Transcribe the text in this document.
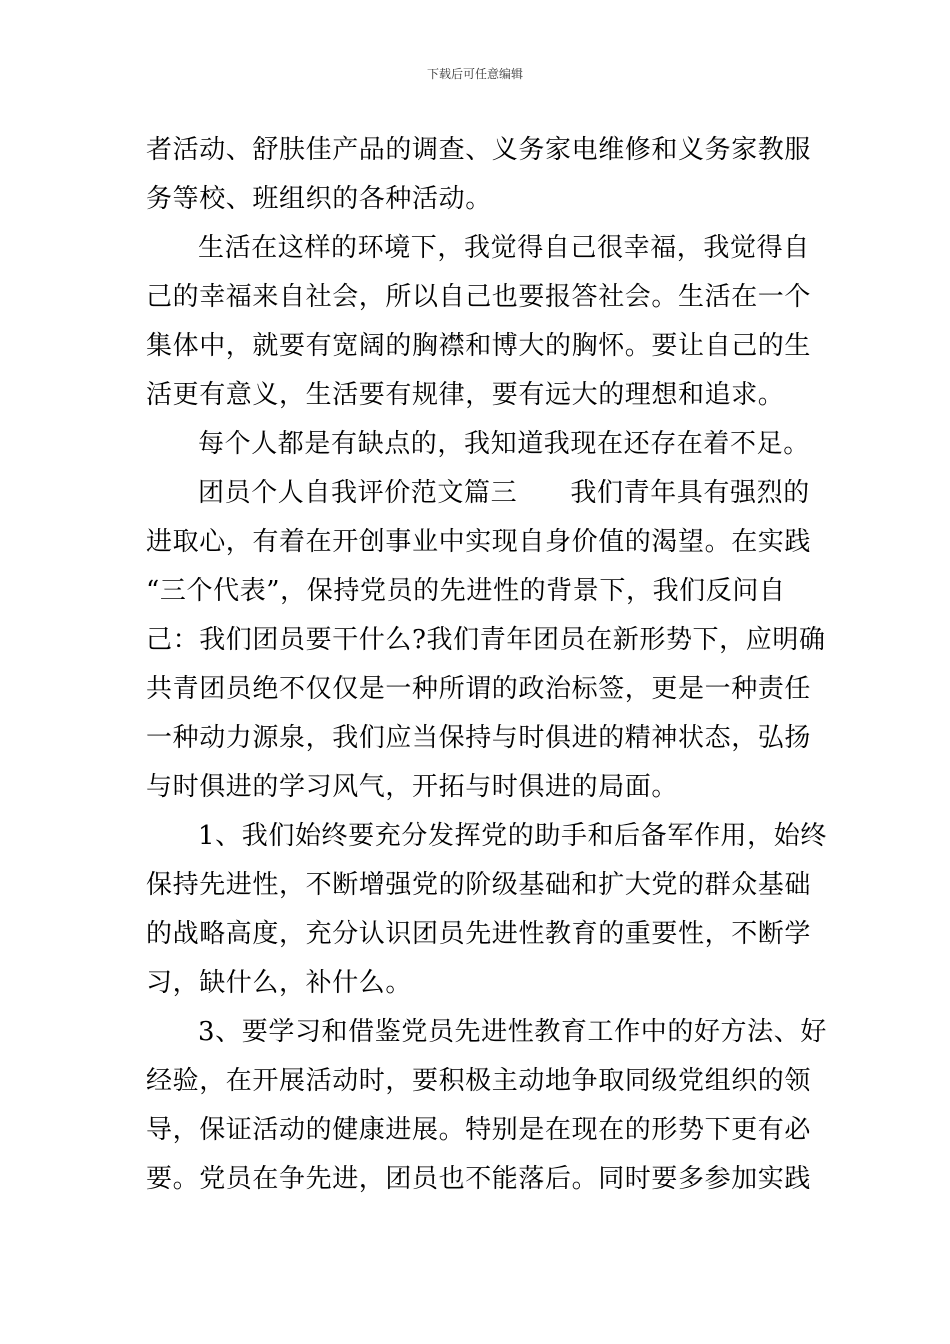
下载后可任意编辑
者活动、舒肤佳产品的调查、义务家电维修和义务家教服
务等校、班组织的各种活动。
生活在这样的环境下，我觉得自己很幸福，我觉得自
己的幸福来自社会，所以自己也要报答社会。生活在一个
集体中，就要有宽阔的胸襟和博大的胸怀。要让自己的生
活更有意义，生活要有规律，要有远大的理想和追求。
每个人都是有缺点的，我知道我现在还存在着不足。
团员个人自我评价范文篇三　　我们青年具有强烈的
进取心，有着在开创事业中实现自身价值的渴望。在实践
“三个代表”，保持党员的先进性的背景下，我们反问自
己：我们团员要干什么?我们青年团员在新形势下，应明确
共青团员绝不仅仅是一种所谓的政治标签，更是一种责任
一种动力源泉，我们应当保持与时俱进的精神状态，弘扬
与时俱进的学习风气，开拓与时俱进的局面。
1、我们始终要充分发挥党的助手和后备军作用，始终
保持先进性，不断增强党的阶级基础和扩大党的群众基础
的战略高度，充分认识团员先进性教育的重要性，不断学
习，缺什么，补什么。
3、要学习和借鉴党员先进性教育工作中的好方法、好
经验，在开展活动时，要积极主动地争取同级党组织的领
导，保证活动的健康进展。特别是在现在的形势下更有必
要。党员在争先进，团员也不能落后。同时要多参加实践
